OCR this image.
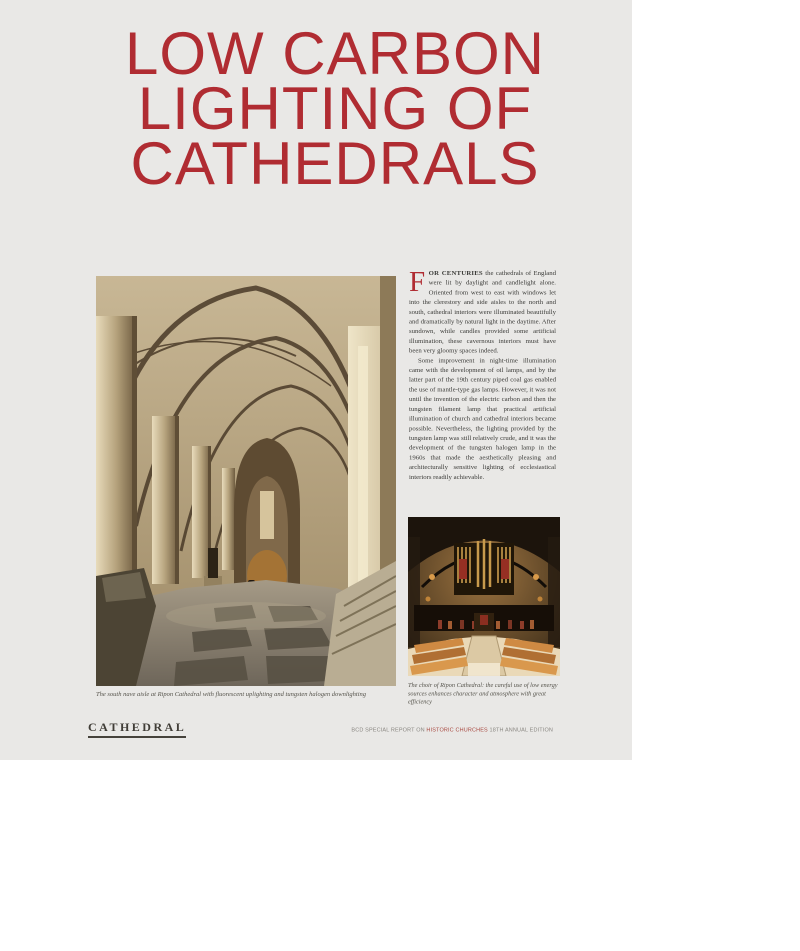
LOW CARBON
LIGHTING OF
CATHEDRALS
The south nave aisle at Ripon Cathedral with fluorescent uplighting and tungsten halogen downlighting

FOR CENTURIES the cathedrals of England were lit by daylight and candlelight alone. Oriented from west to east with windows let into the clerestory and side aisles to the north and south, cathedral interiors were illuminated beautifully and dramatically by natural light in the daytime. After sundown, while candles provided some artificial illumination, these cavernous interiors must have been very gloomy spaces indeed.

Some improvement in night-time illumination came with the development of oil lamps, and by the latter part of the 19th century piped coal gas enabled the use of mantle-type gas lamps. However, it was not until the invention of the electric carbon and then the tungsten filament lamp that practical artificial illumination of church and cathedral interiors became possible. Nevertheless, the lighting provided by the tungsten lamp was still relatively crude, and it was the development of the tungsten halogen lamp in the 1960s that made the aesthetically pleasing and architecturally sensitive lighting of ecclesiastical interiors readily achievable.

The choir of Ripon Cathedral: the careful use of low energy sources enhances character and atmosphere with great efficiency
CATHEDRAL	BCD SPECIAL REPORT ON HISTORIC CHURCHES 18TH ANNUAL EDITION
